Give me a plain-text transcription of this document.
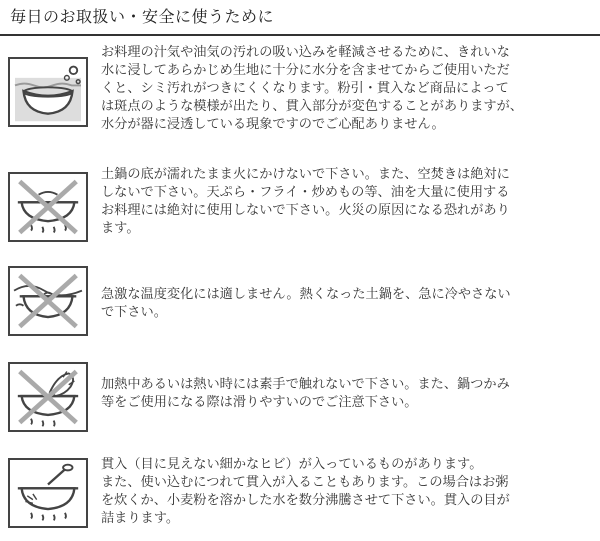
毎日のお取扱い・安全に使うために
お料理の汁気や油気の汚れの吸い込みを軽減させるために、きれいな
水に浸してあらかじめ生地に十分に水分を含ませてからご使用いただ
くと、シミ汚れがつきにくくなります。粉引・貫入など商品によって
は斑点のような模様が出たり、貫入部分が変色することがありますが、
水分が器に浸透している現象ですのでご心配ありません。
土鍋の底が濡れたまま火にかけないで下さい。また、空焚きは絶対に
しないで下さい。天ぷら・フライ・炒めもの等、油を大量に使用する
お料理には絶対に使用しないで下さい。火災の原因になる恐れがあり
ます。
急激な温度変化には適しません。熱くなった土鍋を、急に冷やさない
で下さい。
加熱中あるいは熱い時には素手で触れないで下さい。また、鍋つかみ
等をご使用になる際は滑りやすいのでご注意下さい。
貫入（目に見えない細かなヒビ）が入っているものがあります。
また、使い込むにつれて貫入が入ることもあります。この場合はお粥
を炊くか、小麦粉を溶かした水を数分沸騰させて下さい。貫入の目が
詰まります。
